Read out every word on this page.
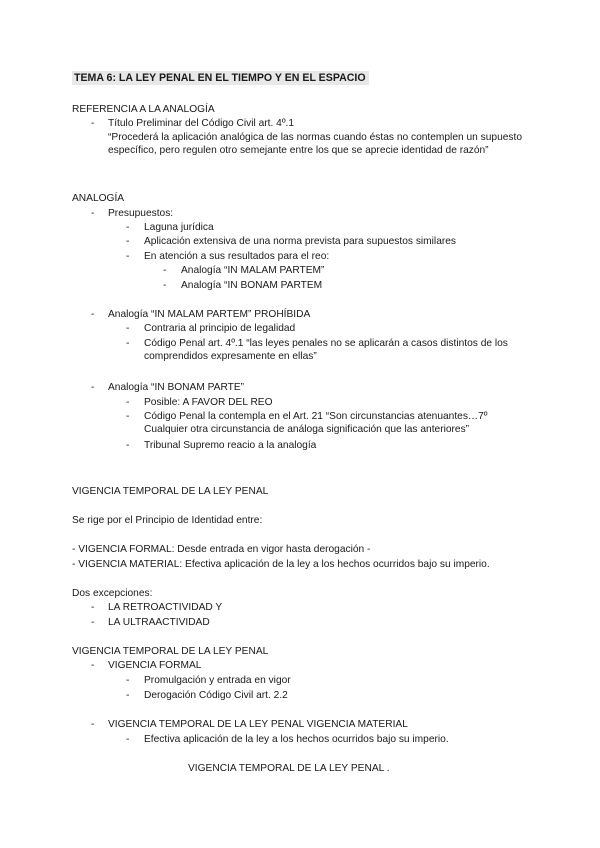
TEMA 6: LA LEY PENAL EN EL TIEMPO Y EN EL ESPACIO
REFERENCIA A LA ANALOGÍA
- Título Preliminar del Código Civil art. 4º.1
“Procederá la aplicación analógica de las normas cuando éstas no contemplen un supuesto específico, pero regulen otro semejante entre los que se aprecie identidad de razón”
ANALOGÍA
- Presupuestos:
- Laguna jurídica
- Aplicación extensiva de una norma prevista para supuestos similares
- En atención a sus resultados para el reo:
- Analogía “IN MALAM PARTEM”
- Analogía “IN BONAM PARTEM
- Analogía “IN MALAM PARTEM” PROHÍBIDA
- Contraria al principio de legalidad
- Código Penal art. 4º.1 “las leyes penales no se aplicarán a casos distintos de los comprendidos expresamente en ellas”
- Analogía “IN BONAM PARTE”
- Posible: A FAVOR DEL REO
- Código Penal la contempla en el Art. 21 “Son circunstancias atenuantes…7º Cualquier otra circunstancia de análoga significación que las anteriores”
- Tribunal Supremo reacio a la analogía
VIGENCIA TEMPORAL DE LA LEY PENAL
Se rige por el Principio de Identidad entre:
- VIGENCIA FORMAL: Desde entrada en vigor hasta derogación -
- VIGENCIA MATERIAL: Efectiva aplicación de la ley a los hechos ocurridos bajo su imperio.
Dos excepciones:
- LA RETROACTIVIDAD Y
- LA ULTRAACTIVIDAD
VIGENCIA TEMPORAL DE LA LEY PENAL
- VIGENCIA FORMAL
- Promulgación y entrada en vigor
- Derogación Código Civil art. 2.2
- VIGENCIA TEMPORAL DE LA LEY PENAL VIGENCIA MATERIAL
- Efectiva aplicación de la ley a los hechos ocurridos bajo su imperio.
VIGENCIA TEMPORAL DE LA LEY PENAL .
